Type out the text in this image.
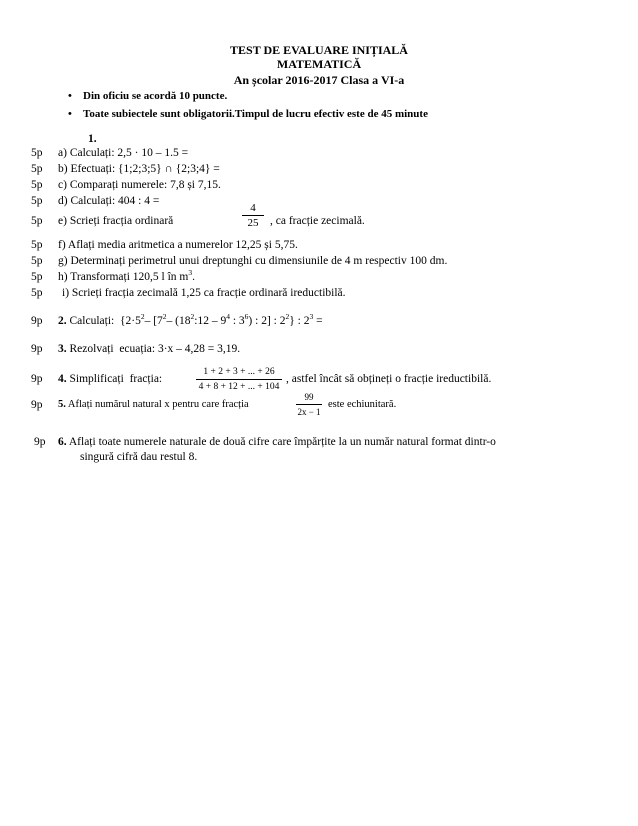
TEST DE EVALUARE INIȚIALĂ
MATEMATICĂ
An școlar 2016-2017 Clasa a VI-a
• Din oficiu se acordă 10 puncte.
• Toate subiectele sunt obligatorii.Timpul de lucru efectiv este de 45 minute
1.
5p a) Calculați: 2,5 · 10 – 1.5 =
5p b) Efectuați: {1;2;3;5} ∩ {2;3;4} =
5p c) Comparați numerele: 7,8 și 7,15.
5p d) Calculați: 404 : 4 =
5p e) Scrieți fracția ordinară
4
25	, ca fracție zecimală.
5p f) Aflați media aritmetica a numerelor 12,25 și 5,75.
5p g) Determinați perimetrul unui dreptunghi cu dimensiunile de 4 m respectiv 100 dm.
5p h) Transformați 120,5 l în $m^3$.
5p i) Scrieți fracția zecimală 1,25 ca fracție ordinară ireductibilă.
9p 2. Calculați: {$2\cdot 5^2-$ [$7^2-$ ($18^2:12 - 9^4$ : $3^6$) : 2] : $2^2$} : $2^3$ =
9p 3. Rezolvați ecuația: 3·x – 4,28 = 3,19.
9p 4. Simplificați fracția:
1 + 2 + 3 + ... + 26
4 + 8 + 12 + ... + 104
, astfel încât să obțineți o fracție ireductibilă.
9p 5. Aflați numărul natural x pentru care fracția
99
2x − 1
este echiunitară.
9p 6. Aflați toate numerele naturale de două cifre care împărțite la un număr natural format dintr-o
singură cifră dau restul 8.
